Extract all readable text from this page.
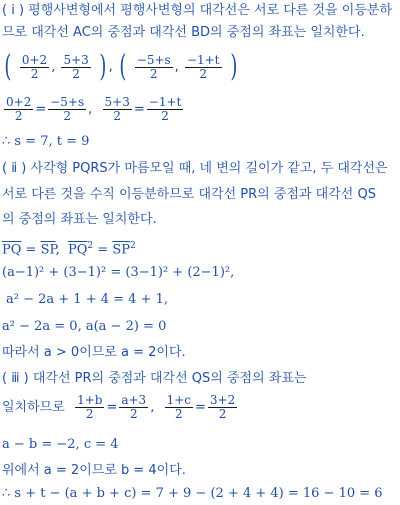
( ⅰ ) 평행사변형에서 평행사변형의 대각선은 서로 다른 것을 이등분하
므로 대각선 AC의 중점과 대각선 BD의 중점의 좌표는 일치한다.
( $\frac{0+2}{2}$ , $\frac{5+3}{2}$ ) , ( $\frac{-5+s}{2}$ , $\frac{-1+t}{2}$ )
$\frac{0+2}{2} = \frac{-5+s}{2}$ , $\frac{5+3}{2} = \frac{-1+t}{2}$
∴ s = 7, t = 9
( ⅱ ) 사각형 PQRS가 마름모일 때, 네 변의 길이가 같고, 두 대각선은
서로 다른 것을 수직 이등분하므로 대각선 PR의 중점과 대각선 QS
의 중점의 좌표는 일치한다.
$\overline{PQ} = \overline{SP}$,  $\overline{PQ}^2 = \overline{SP}^2$
(a−1)² + (3−1)² = (3−1)² + (2−1)²,
a² − 2a + 1 + 4 = 4 + 1,
a² − 2a = 0, a(a − 2) = 0
따라서 a > 0이므로 a = 2이다.
( ⅲ ) 대각선 PR의 중점과 대각선 QS의 중점의 좌표는
일치하므로 $\frac{1+b}{2} = \frac{a+3}{2}$ , $\frac{1+c}{2} = \frac{3+2}{2}$
a − b = −2, c = 4
위에서 a = 2이므로 b = 4이다.
∴ s + t − (a + b + c) = 7 + 9 − (2 + 4 + 4) = 16 − 10 = 6
